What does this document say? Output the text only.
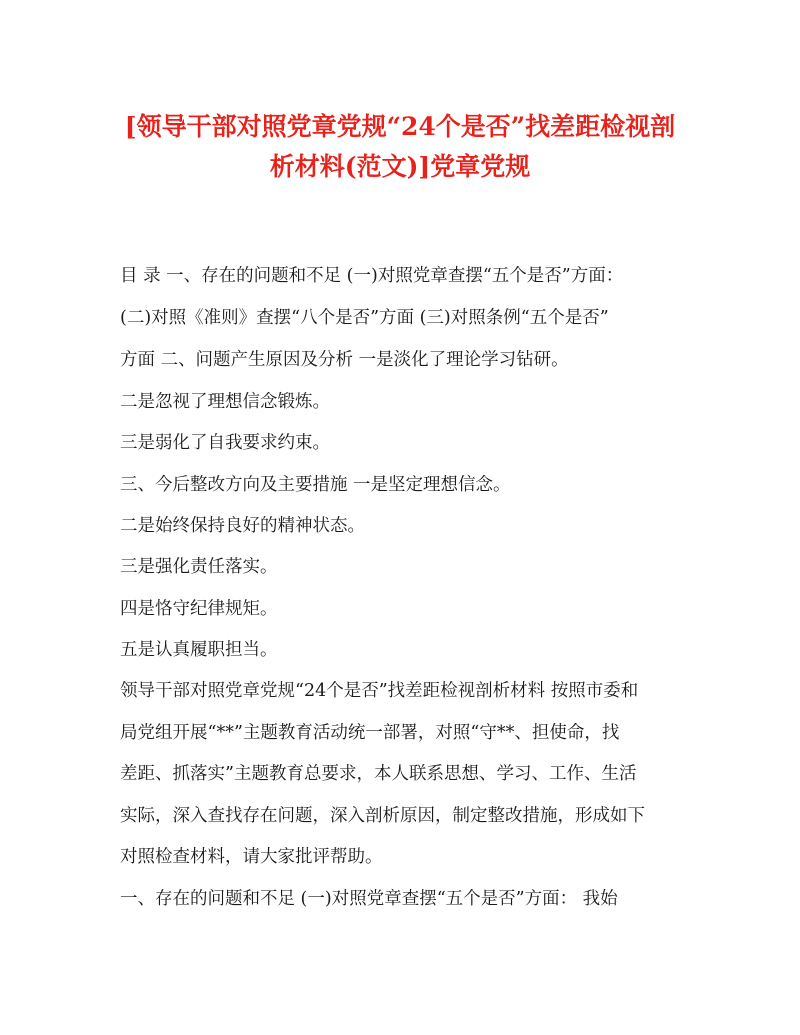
[领导干部对照党章党规“24个是否”找差距检视剖
析材料(范文)]党章党规
目 录 一、存在的问题和不足 (一)对照党章查摆“五个是否”方面：
(二)对照《准则》查摆“八个是否”方面 (三)对照条例“五个是否”
方面 二、问题产生原因及分析 一是淡化了理论学习钻研。
二是忽视了理想信念锻炼。
三是弱化了自我要求约束。
三、今后整改方向及主要措施 一是坚定理想信念。
二是始终保持良好的精神状态。
三是强化责任落实。
四是恪守纪律规矩。
五是认真履职担当。
领导干部对照党章党规“24个是否”找差距检视剖析材料 按照市委和
局党组开展“**”主题教育活动统一部署，对照“守**、担使命，找
差距、抓落实”主题教育总要求，本人联系思想、学习、工作、生活
实际，深入查找存在问题，深入剖析原因，制定整改措施，形成如下
对照检查材料，请大家批评帮助。
一、存在的问题和不足 (一)对照党章查摆“五个是否”方面： 我始
